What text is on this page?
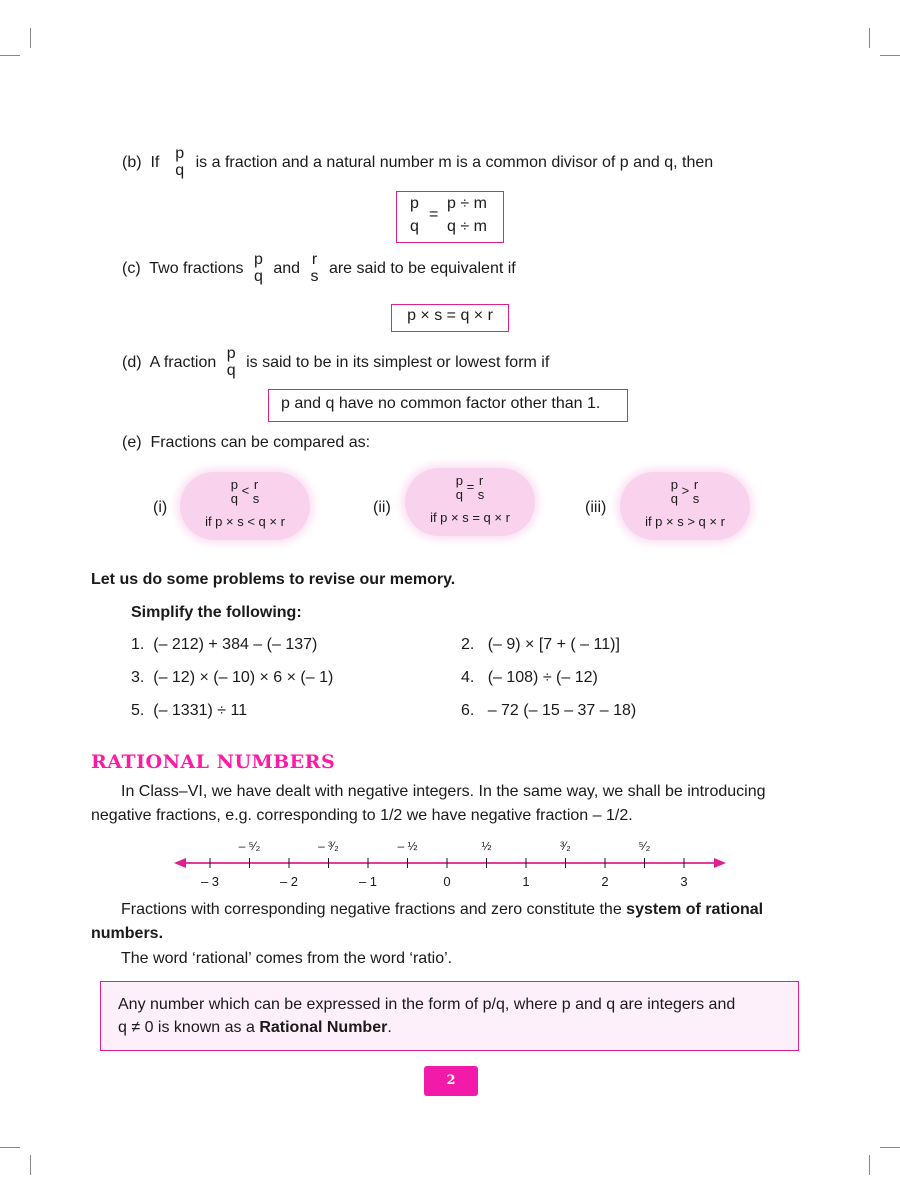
(b) If
p
q is a fraction and a natural number m is a common divisor of p and q, then
p
q
=
p ÷ m
q ÷ m
(c) Two fractions
p
q and
r
s are said to be equivalent if
p × s = q × r
(d) A fraction
p
q is said to be in its simplest or lowest form if
p and q have no common factor other than 1.
(e) Fractions can be compared as:
(i)
p
q
< r
s
if p × s < q × r
(ii)
p
q
= r
s
if p × s = q × r
(iii)
p
q
> r
s
if p × s > q × r
Let us do some problems to revise our memory.
Simplify the following:
1. (– 212) + 384 – (– 137)	2. (– 9) × [7 + ( – 11)]
3. (– 12) × (– 10) × 6 × (– 1)	4. (– 108) ÷ (– 12)
5. (– 1331) ÷ 11	6. – 72 (– 15 – 37 – 18)
RATIONAL NUMBERS
In Class–VI, we have dealt with negative integers. In the same way, we shall be introducing
negative fractions, e.g. corresponding to 1/2 we have negative fraction – 1/2.
– ⁵⁄₂	– ³⁄₂	– ½	½	³⁄₂	⁵⁄₂
– 3	– 2	– 1	0	1	2	3
Fractions with corresponding negative fractions and zero constitute the system of rational
numbers.
The word ‘rational’ comes from the word ‘ratio’.
Any number which can be expressed in the form of p/q, where p and q are integers and
q ≠ 0 is known as a Rational Number.
2
